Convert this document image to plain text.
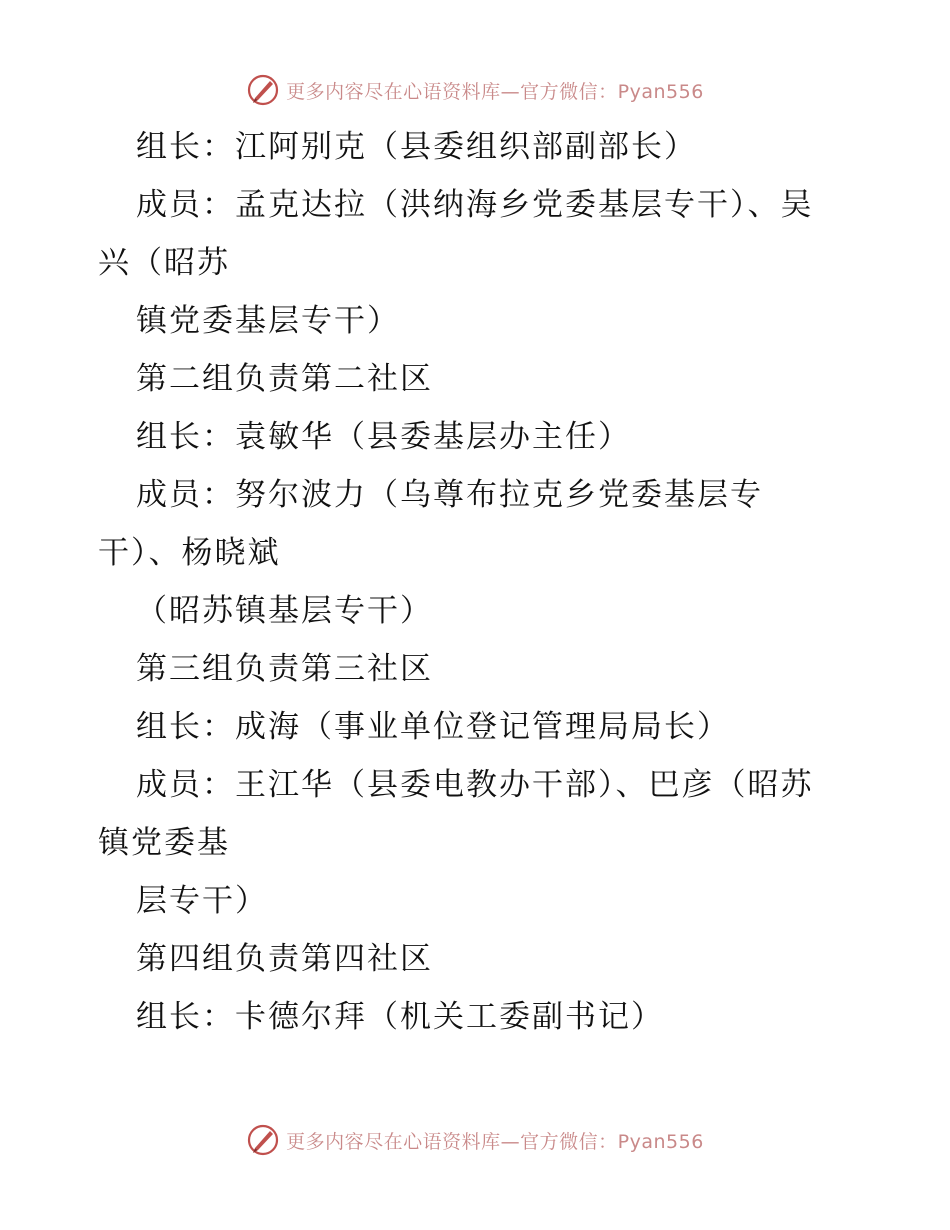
更多内容尽在心语资料库—官方微信：Pyan556
组长：江阿别克（县委组织部副部长）
成员：孟克达拉（洪纳海乡党委基层专干）、吴
兴（昭苏
镇党委基层专干）
第二组负责第二社区
组长：袁敏华（县委基层办主任）
成员：努尔波力（乌尊布拉克乡党委基层专
干）、杨晓斌
（昭苏镇基层专干）
第三组负责第三社区
组长：成海（事业单位登记管理局局长）
成员：王江华（县委电教办干部）、巴彦（昭苏
镇党委基
层专干）
第四组负责第四社区
组长：卡德尔拜（机关工委副书记）
更多内容尽在心语资料库—官方微信：Pyan556
